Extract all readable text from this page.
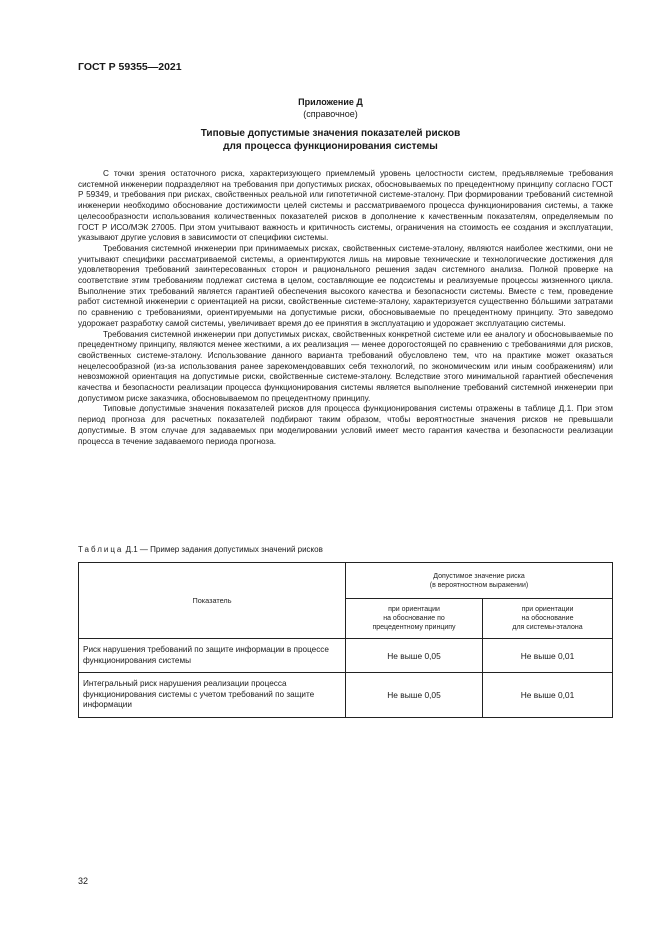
ГОСТ Р 59355—2021
Приложение Д
(справочное)
Типовые допустимые значения показателей рисков
для процесса функционирования системы

С точки зрения остаточного риска, характеризующего приемлемый уровень целостности систем, предъявляемые требования системной инженерии подразделяют на требования при допустимых рисках, обосновываемых по прецедентному принципу согласно ГОСТ Р 59349, и требования при рисках, свойственных реальной или гипотетичной системе-эталону. При формировании требований системной инженерии необходимо обоснование достижимости целей системы и рассматриваемого процесса функционирования системы, а также целесообразности использования количественных показателей рисков в дополнение к качественным показателям, определяемым по ГОСТ Р ИСО/МЭК 27005. При этом учитывают важность и критичность системы, ограничения на стоимость ее создания и эксплуатации, указывают другие условия в зависимости от специфики системы.

Требования системной инженерии при принимаемых рисках, свойственных системе-эталону, являются наиболее жесткими, они не учитывают специфики рассматриваемой системы, а ориентируются лишь на мировые технические и технологические достижения для удовлетворения требований заинтересованных сторон и рационального решения задач системного анализа. Полной проверке на соответствие этим требованиям подлежат система в целом, составляющие ее подсистемы и реализуемые процессы жизненного цикла. Выполнение этих требований является гарантией обеспечения высокого качества и безопасности системы. Вместе с тем, проведение работ системной инженерии с ориентацией на риски, свойственные системе-эталону, характеризуется существенно бо́льшими затратами по сравнению с требованиями, ориентируемыми на допустимые риски, обосновываемые по прецедентному принципу. Это заведомо удорожает разработку самой системы, увеличивает время до ее принятия в эксплуатацию и удорожает эксплуатацию системы.

Требования системной инженерии при допустимых рисках, свойственных конкретной системе или ее аналогу и обосновываемые по прецедентному принципу, являются менее жесткими, а их реализация — менее дорогостоящей по сравнению с требованиями для рисков, свойственных системе-эталону. Использование данного варианта требований обусловлено тем, что на практике может оказаться нецелесообразной (из-за использования ранее зарекомендовавших себя технологий, по экономическим или иным соображениям) или невозможной ориентация на допустимые риски, свойственные системе-эталону. Вследствие этого минимальной гарантией обеспечения качества и безопасности реализации процесса функционирования системы является выполнение требований системной инженерии при допустимом риске заказчика, обосновываемом по прецедентному принципу.

Типовые допустимые значения показателей рисков для процесса функционирования системы отражены в таблице Д.1. При этом период прогноза для расчетных показателей подбирают таким образом, чтобы вероятностные значения рисков не превышали допустимые. В этом случае для задаваемых при моделировании условий имеет место гарантия качества и безопасности реализации процесса в течение задаваемого периода прогноза.

Таблица Д.1 — Пример задания допустимых значений рисков
Показатель	Допустимое значение риска
(в вероятностном выражении)	
	при ориентации
на обоснование по
прецедентному принципу	при ориентации
на обоснование
для системы-эталона
Риск нарушения требований по защите информации в процессе функционирования системы	Не выше 0,05	Не выше 0,01
Интегральный риск нарушения реализации процесса функционирования системы с учетом требований по защите информации	Не выше 0,05	Не выше 0,01
32
